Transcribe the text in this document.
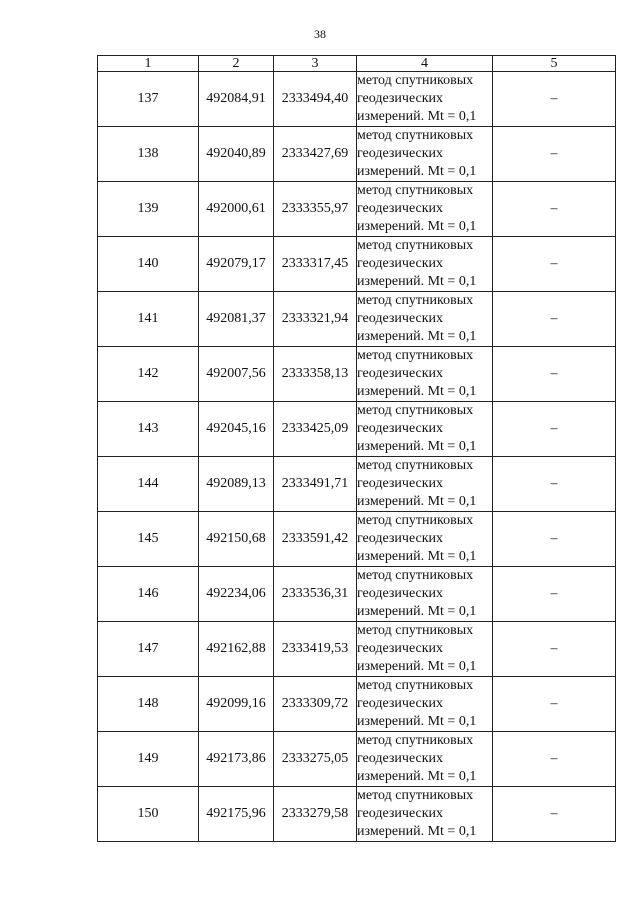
38
1	2	3	4	5
137	492084,91	2333494,40	метод спутниковых
геодезических
измерений. Mt = 0,1	–
138	492040,89	2333427,69	метод спутниковых
геодезических
измерений. Mt = 0,1	–
139	492000,61	2333355,97	метод спутниковых
геодезических
измерений. Mt = 0,1	–
140	492079,17	2333317,45	метод спутниковых
геодезических
измерений. Mt = 0,1	–
141	492081,37	2333321,94	метод спутниковых
геодезических
измерений. Mt = 0,1	–
142	492007,56	2333358,13	метод спутниковых
геодезических
измерений. Mt = 0,1	–
143	492045,16	2333425,09	метод спутниковых
геодезических
измерений. Mt = 0,1	–
144	492089,13	2333491,71	метод спутниковых
геодезических
измерений. Mt = 0,1	–
145	492150,68	2333591,42	метод спутниковых
геодезических
измерений. Mt = 0,1	–
146	492234,06	2333536,31	метод спутниковых
геодезических
измерений. Mt = 0,1	–
147	492162,88	2333419,53	метод спутниковых
геодезических
измерений. Mt = 0,1	–
148	492099,16	2333309,72	метод спутниковых
геодезических
измерений. Mt = 0,1	–
149	492173,86	2333275,05	метод спутниковых
геодезических
измерений. Mt = 0,1	–
150	492175,96	2333279,58	метод спутниковых
геодезических
измерений. Mt = 0,1	–
